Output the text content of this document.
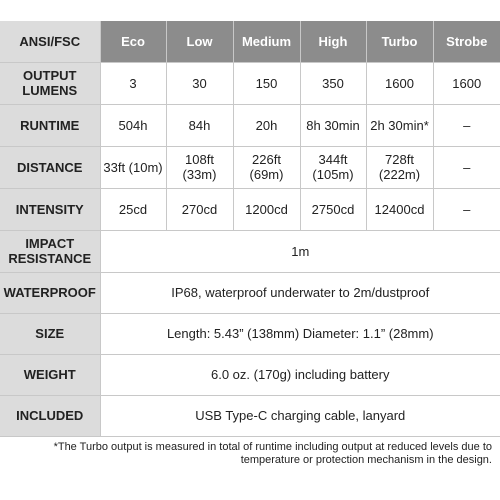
ANSI/FSC	Eco	Low	Medium	High	Turbo	Strobe
OUTPUT LUMENS	3	30	150	350	1600	1600
RUNTIME	504h	84h	20h	8h 30min	2h 30min*	–
DISTANCE	33ft (10m)	108ft (33m)	226ft (69m)	344ft (105m)	728ft (222m)	–
INTENSITY	25cd	270cd	1200cd	2750cd	12400cd	–
IMPACT RESISTANCE	1m					
WATERPROOF	IP68, waterproof underwater to 2m/dustproof					
SIZE	Length: 5.43” (138mm) Diameter: 1.1” (28mm)					
WEIGHT	6.0 oz. (170g) including battery					
INCLUDED	USB Type-C charging cable, lanyard					
*The Turbo output is measured in total of runtime including output at reduced levels due to temperature or protection mechanism in the design.
